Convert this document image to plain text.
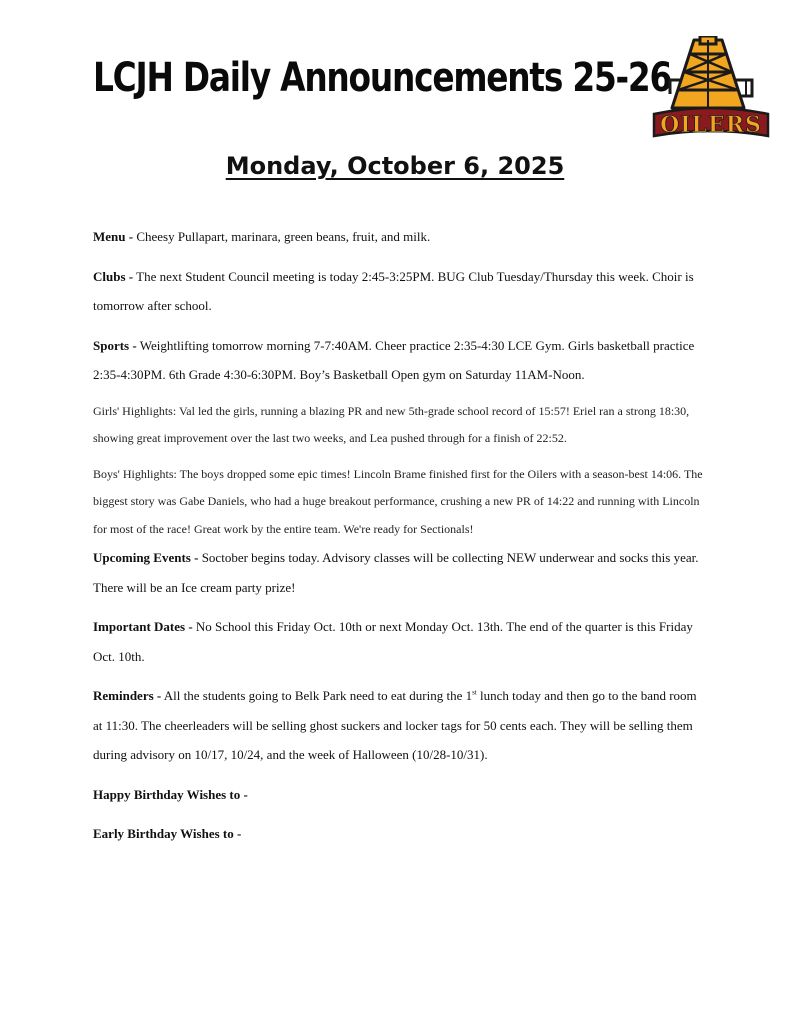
LCJH Daily Announcements 25-26
OILERS
Monday, October 6, 2025

Menu - Cheesy Pullapart, marinara, green beans, fruit, and milk.

Clubs - The next Student Council meeting is today 2:45-3:25PM. BUG Club Tuesday/Thursday this week. Choir is tomorrow after school.

Sports - Weightlifting tomorrow morning 7-7:40AM. Cheer practice 2:35-4:30 LCE Gym. Girls basketball practice 2:35-4:30PM. 6th Grade 4:30-6:30PM. Boy’s Basketball Open gym on Saturday 11AM-Noon.

Girls' Highlights: Val led the girls, running a blazing PR and new 5th-grade school record of 15:57! Eriel ran a strong 18:30, showing great improvement over the last two weeks, and Lea pushed through for a finish of 22:52.

Boys' Highlights: The boys dropped some epic times! Lincoln Brame finished first for the Oilers with a season-best 14:06. The biggest story was Gabe Daniels, who had a huge breakout performance, crushing a new PR of 14:22 and running with Lincoln for most of the race! Great work by the entire team. We're ready for Sectionals!

Upcoming Events - Soctober begins today. Advisory classes will be collecting NEW underwear and socks this year. There will be an Ice cream party prize!

Important Dates - No School this Friday Oct. 10th or next Monday Oct. 13th. The end of the quarter is this Friday Oct. 10th.

Reminders - All the students going to Belk Park need to eat during the 1st lunch today and then go to the band room at 11:30. The cheerleaders will be selling ghost suckers and locker tags for 50 cents each. They will be selling them during advisory on 10/17, 10/24, and the week of Halloween (10/28-10/31).

Happy Birthday Wishes to -

Early Birthday Wishes to -
